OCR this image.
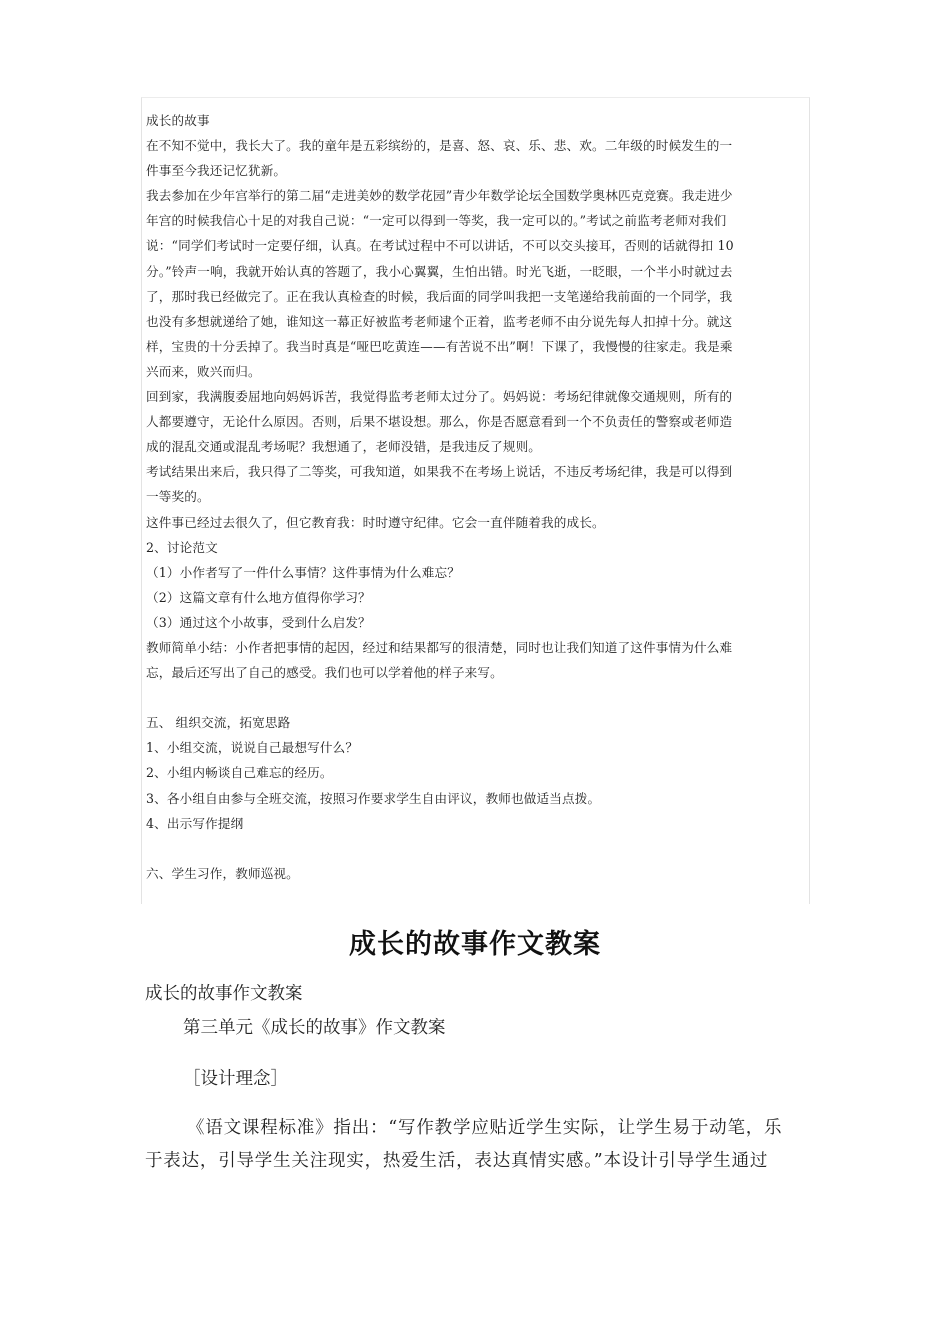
成长的故事
在不知不觉中，我长大了。我的童年是五彩缤纷的，是喜、怒、哀、乐、悲、欢。二年级的时候发生的一
件事至今我还记忆犹新。
我去参加在少年宫举行的第二届“走进美妙的数学花园”青少年数学论坛全国数学奥林匹克竞赛。我走进少
年宫的时候我信心十足的对我自己说：“一定可以得到一等奖，我一定可以的。”考试之前监考老师对我们
说：“同学们考试时一定要仔细，认真。在考试过程中不可以讲话，不可以交头接耳，否则的话就得扣 10
分。”铃声一响，我就开始认真的答题了，我小心翼翼，生怕出错。时光飞逝，一眨眼，一个半小时就过去
了，那时我已经做完了。正在我认真检查的时候，我后面的同学叫我把一支笔递给我前面的一个同学，我
也没有多想就递给了她，谁知这一幕正好被监考老师逮个正着，监考老师不由分说先每人扣掉十分。就这
样，宝贵的十分丢掉了。我当时真是“哑巴吃黄连——有苦说不出”啊！下课了，我慢慢的往家走。我是乘
兴而来，败兴而归。
回到家，我满腹委屈地向妈妈诉苦，我觉得监考老师太过分了。妈妈说：考场纪律就像交通规则，所有的
人都要遵守，无论什么原因。否则，后果不堪设想。那么，你是否愿意看到一个不负责任的警察或老师造
成的混乱交通或混乱考场呢？我想通了，老师没错，是我违反了规则。
考试结果出来后，我只得了二等奖，可我知道，如果我不在考场上说话，不违反考场纪律，我是可以得到
一等奖的。
这件事已经过去很久了，但它教育我：时时遵守纪律。它会一直伴随着我的成长。
2、讨论范文
（1）小作者写了一件什么事情？这件事情为什么难忘？
（2）这篇文章有什么地方值得你学习？
（3）通过这个小故事，受到什么启发？
教师简单小结：小作者把事情的起因，经过和结果都写的很清楚，同时也让我们知道了这件事情为什么难
忘，最后还写出了自己的感受。我们也可以学着他的样子来写。
五、 组织交流，拓宽思路
1、小组交流，说说自己最想写什么？
2、小组内畅谈自己难忘的经历。
3、各小组自由参与全班交流，按照习作要求学生自由评议，教师也做适当点拨。
4、出示写作提纲
六、学生习作，教师巡视。
成长的故事作文教案
成长的故事作文教案
第三单元《成长的故事》作文教案
［设计理念］
《语文课程标准》指出：“写作教学应贴近学生实际，让学生易于动笔，乐
于表达，引导学生关注现实，热爱生活，表达真情实感。”本设计引导学生通过
